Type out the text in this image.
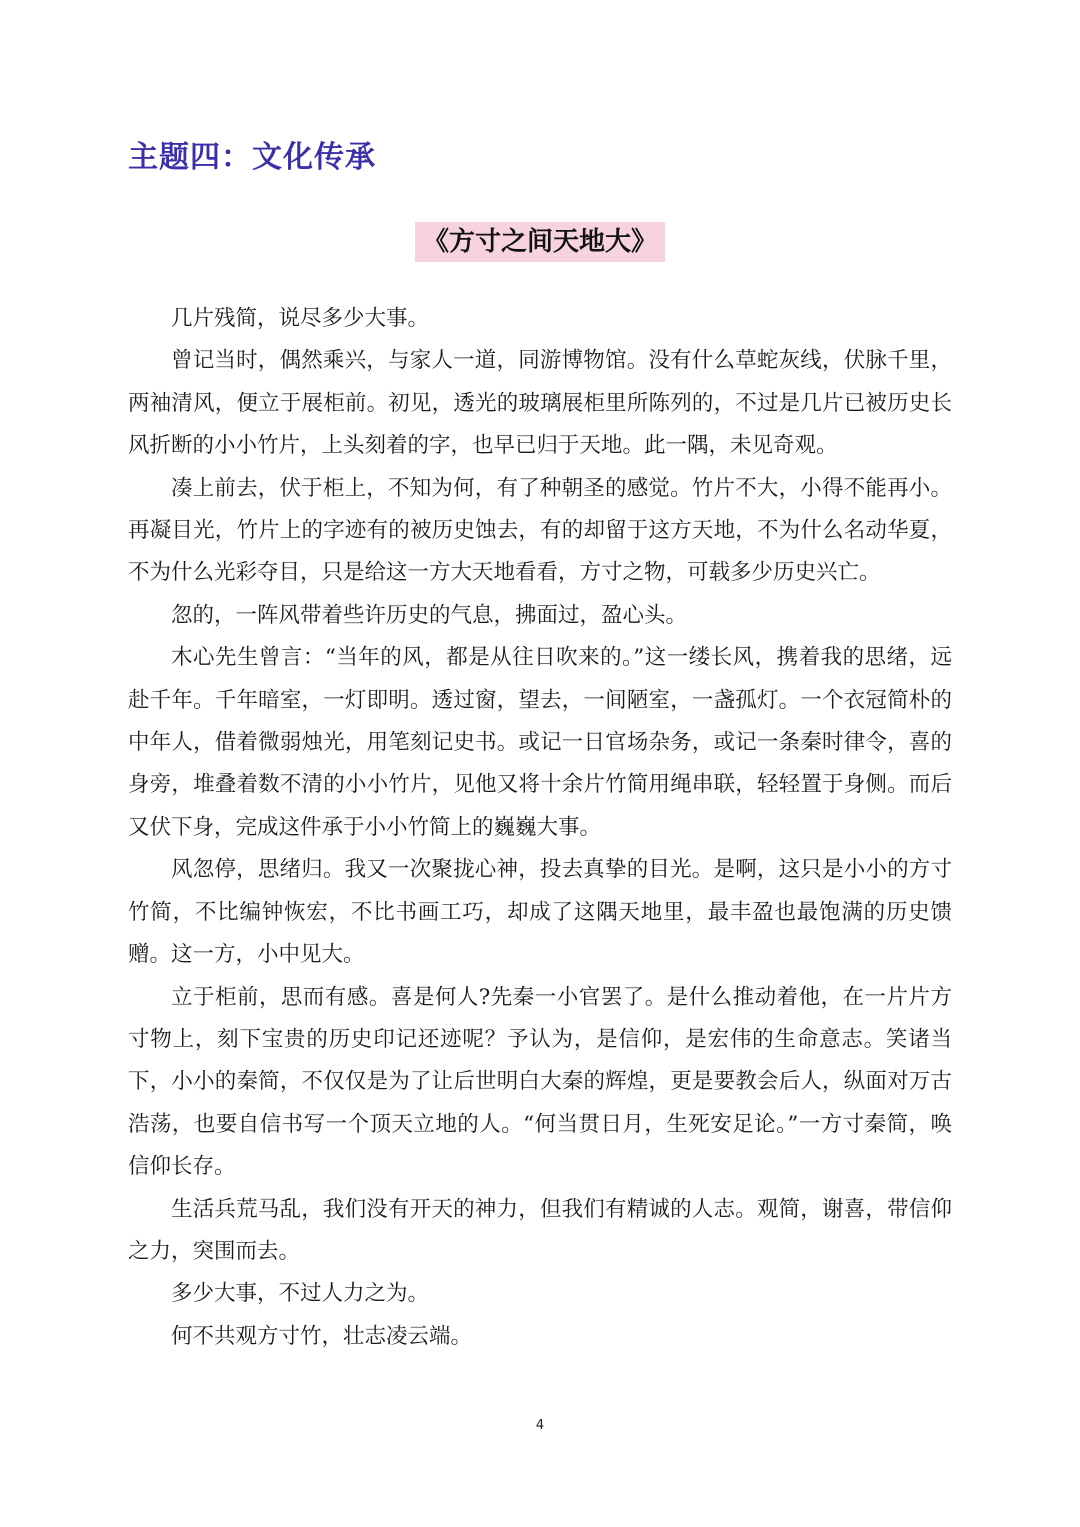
主题四：文化传承
《方寸之间天地大》

几片残简，说尽多少大事。

曾记当时，偶然乘兴，与家人一道，同游博物馆。没有什么草蛇灰线，伏脉千里，两袖清风，便立于展柜前。初见，透光的玻璃展柜里所陈列的，不过是几片已被历史长风折断的小小竹片，上头刻着的字，也早已归于天地。此一隅，未见奇观。

凑上前去，伏于柜上，不知为何，有了种朝圣的感觉。竹片不大，小得不能再小。再凝目光，竹片上的字迹有的被历史蚀去，有的却留于这方天地，不为什么名动华夏，不为什么光彩夺目，只是给这一方大天地看看，方寸之物，可载多少历史兴亡。

忽的，一阵风带着些许历史的气息，拂面过，盈心头。

木心先生曾言：“当年的风，都是从往日吹来的。”这一缕长风，携着我的思绪，远赴千年。千年暗室，一灯即明。透过窗，望去，一间陋室，一盏孤灯。一个衣冠简朴的中年人，借着微弱烛光，用笔刻记史书。或记一日官场杂务，或记一条秦时律令，喜的身旁，堆叠着数不清的小小竹片，见他又将十余片竹简用绳串联，轻轻置于身侧。而后又伏下身，完成这件承于小小竹简上的巍巍大事。

风忽停，思绪归。我又一次聚拢心神，投去真挚的目光。是啊，这只是小小的方寸竹简，不比编钟恢宏，不比书画工巧，却成了这隅天地里，最丰盈也最饱满的历史馈赠。这一方，小中见大。

立于柜前，思而有感。喜是何人?先秦一小官罢了。是什么推动着他，在一片片方寸物上，刻下宝贵的历史印记还迹呢？予认为，是信仰，是宏伟的生命意志。笑诸当下，小小的秦简，不仅仅是为了让后世明白大秦的辉煌，更是要教会后人，纵面对万古浩荡，也要自信书写一个顶天立地的人。“何当贯日月，生死安足论。”一方寸秦简，唤信仰长存。

生活兵荒马乱，我们没有开天的神力，但我们有精诚的人志。观简，谢喜，带信仰之力，突围而去。

多少大事，不过人力之为。

何不共观方寸竹，壮志凌云端。

4
